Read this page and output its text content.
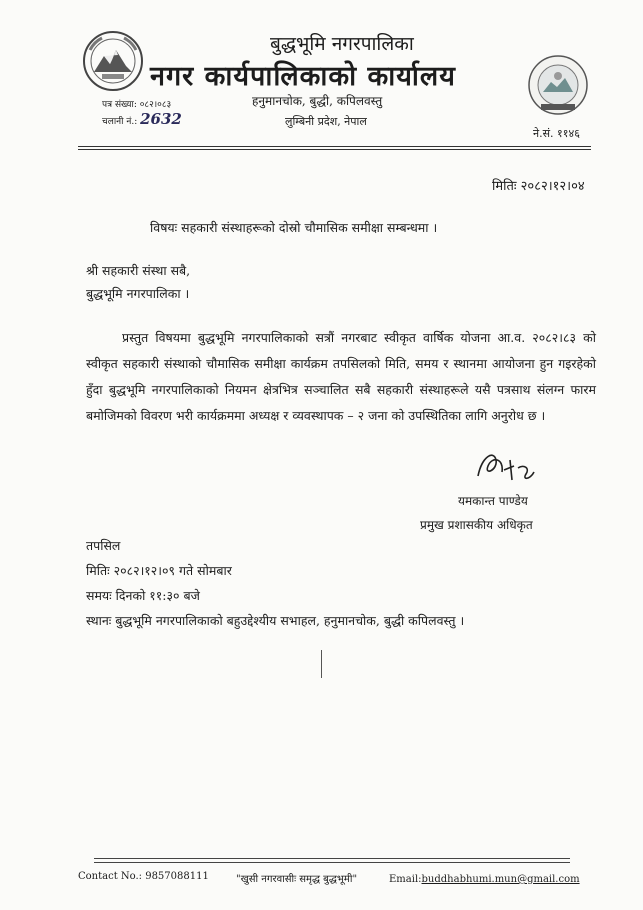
बुद्धभूमि नगरपालिका
नगर कार्यपालिकाको कार्यालय
हनुमानचोक, बुद्धी, कपिलवस्तु
लुम्बिनी प्रदेश, नेपाल
पत्र संख्या: ०८२।०८३
चलानी नं.: 2632
ने.सं. ११४६
मितिः २०८२।१२।०४
विषयः सहकारी संस्थाहरूको दोस्रो चौमासिक समीक्षा सम्बन्धमा ।
श्री सहकारी संस्था सबै,
बुद्धभूमि नगरपालिका ।
प्रस्तुत विषयमा बुद्धभूमि नगरपालिकाको सत्रौं नगरबाट स्वीकृत वार्षिक योजना आ.व. २०८२।८३ को स्वीकृत सहकारी संस्थाको चौमासिक समीक्षा कार्यक्रम तपसिलको मिति, समय र स्थानमा आयोजना हुन गइरहेको हुँदा बुद्धभूमि नगरपालिकाको नियमन क्षेत्रभित्र सञ्चालित सबै सहकारी संस्थाहरूले यसै पत्रसाथ संलग्न फारम बमोजिमको विवरण भरी कार्यक्रममा अध्यक्ष र व्यवस्थापक – २ जना को उपस्थितिका लागि अनुरोध छ ।
यमकान्त पाण्डेय
प्रमुख प्रशासकीय अधिकृत
तपसिल
मितिः २०८२।१२।०९ गते सोमबार
समयः दिनको ११:३० बजे
स्थानः बुद्धभूमि नगरपालिकाको बहुउद्देश्यीय सभाहल, हनुमानचोक, बुद्धी कपिलवस्तु ।
Contact No.: 9857088111	"खुसी नगरवासीः समृद्ध बुद्धभूमी"	Email:buddhabhumi.mun@gmail.com
